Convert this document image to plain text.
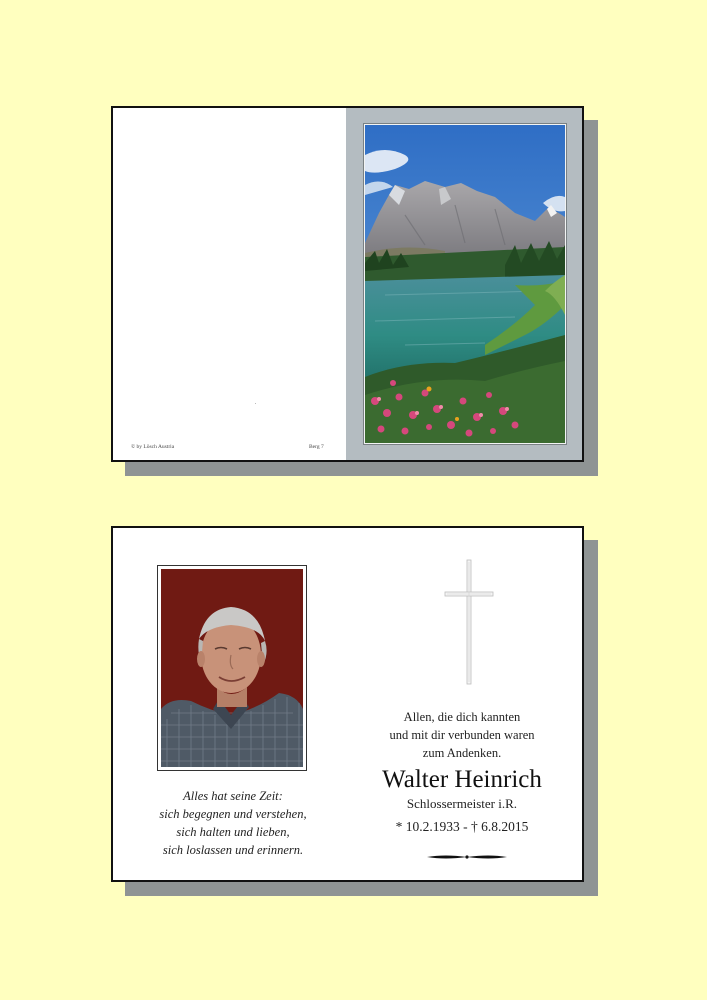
© by Lösch Austria	Berg 7
Alles hat seine Zeit:
sich begegnen und verstehen,
sich halten und lieben,
sich loslassen und erinnern.
Allen, die dich kannten
und mit dir verbunden waren
zum Andenken.
Walter Heinrich
Schlossermeister i.R.
* 10.2.1933 - † 6.8.2015
